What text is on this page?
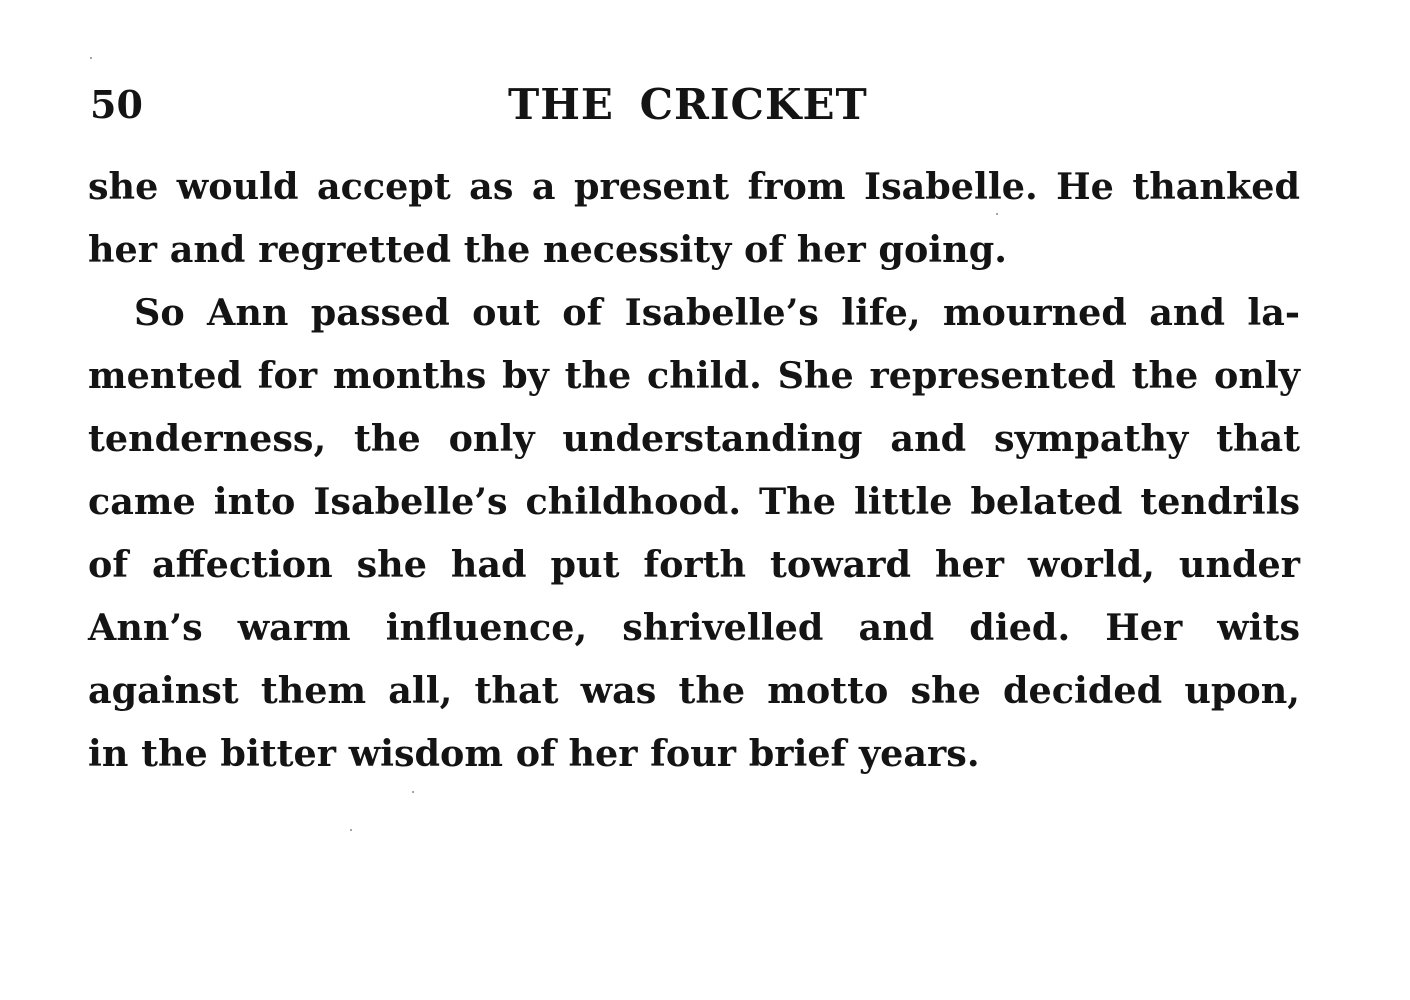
50	THE CRICKET
she would accept as a present from Isabelle. He thanked
her and regretted the necessity of her going.
So Ann passed out of Isabelle’s life, mourned and la-
mented for months by the child. She represented the only
tenderness, the only understanding and sympathy that
came into Isabelle’s childhood. The little belated tendrils
of affection she had put forth toward her world, under
Ann’s warm influence, shrivelled and died. Her wits
against them all, that was the motto she decided upon,
in the bitter wisdom of her four brief years.
